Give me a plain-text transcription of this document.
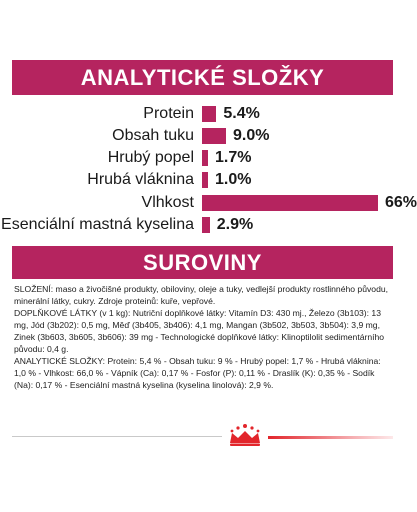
ANALYTICKÉ SLOŽKY
Protein 5.4%
Obsah tuku 9.0%
Hrubý popel 1.7%
Hrubá vláknina 1.0%
Vlhkost	66%
Esenciální mastná kyselina 2.9%
SUROVINY

SLOŽENÍ: maso a živočišné produkty, obiloviny, oleje a tuky, vedlejší produkty rostlinného původu, minerální látky, cukry. Zdroje proteinů: kuře, vepřové.

DOPLŇKOVÉ LÁTKY (v 1 kg): Nutriční doplňkové látky: Vitamín D3: 430 mj., Železo (3b103): 13 mg, Jód (3b202): 0,5 mg, Měď (3b405, 3b406): 4,1 mg, Mangan (3b502, 3b503, 3b504): 3,9 mg, Zinek (3b603, 3b605, 3b606): 39 mg - Technologické doplňkové látky: Klinoptilolit sedimentárního původu: 0,4 g.

ANALYTICKÉ SLOŽKY: Protein: 5,4 % - Obsah tuku: 9 % - Hrubý popel: 1,7 % - Hrubá vláknina: 1,0 % - Vlhkost: 66,0 % - Vápník (Ca): 0,17 % - Fosfor (P): 0,11 % - Draslík (K): 0,35 % - Sodík (Na): 0,17 % - Esenciální mastná kyselina (kyselina linolová): 2,9 %.
